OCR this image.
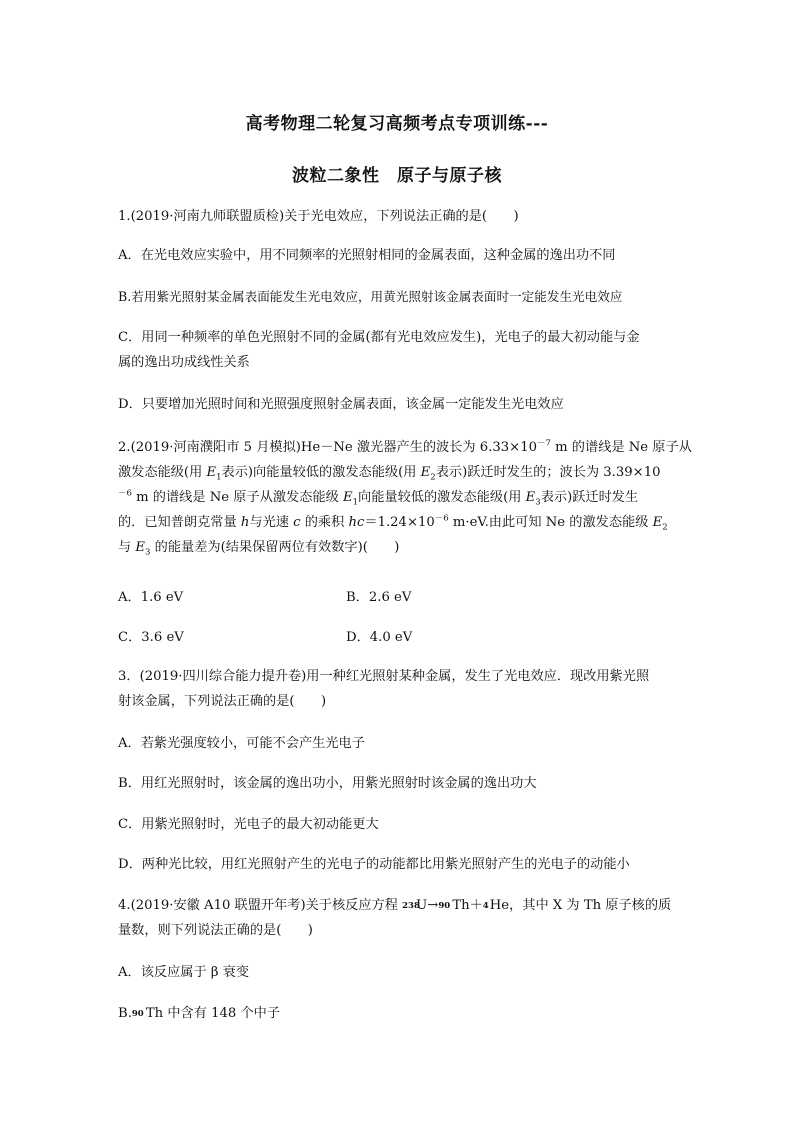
高考物理二轮复习高频考点专项训练---
波粒二象性　原子与原子核
1.(2019·河南九师联盟质检)关于光电效应，下列说法正确的是(　　)
A．在光电效应实验中，用不同频率的光照射相同的金属表面，这种金属的逸出功不同
B.若用紫光照射某金属表面能发生光电效应，用黄光照射该金属表面时一定能发生光电效应
C．用同一种频率的单色光照射不同的金属(都有光电效应发生)，光电子的最大初动能与金
属的逸出功成线性关系
D．只要增加光照时间和光照强度照射金属表面，该金属一定能发生光电效应
2.(2019·河南濮阳市 5 月模拟)He－Ne 激光器产生的波长为 $6.33\times 10^{-7}$ m 的谱线是 Ne 原子从
激发态能级(用 $E_1$表示)向能量较低的激发态能级(用 $E_2$表示)跃迁时发生的；波长为 3.39×10
$^{-6}$ m 的谱线是 Ne 原子从激发态能级 $E_1$向能量较低的激发态能级(用 $E_3$表示)跃迁时发生
的．已知普朗克常量 h与光速 c 的乘积 $hc=1.24\times 10^{-6}$ m·eV.由此可知 Ne 的激发态能级 $E_2$
与 $E_3$ 的能量差为(结果保留两位有效数字)(　　)
A．1.6 eV	B．2.6 eV
C．3.6 eV	D．4.0 eV
3．(2019·四川综合能力提升卷)用一种红光照射某种金属，发生了光电效应．现改用紫光照
射该金属，下列说法正确的是(　　)
A．若紫光强度较小，可能不会产生光电子
B．用红光照射时，该金属的逸出功小，用紫光照射时该金属的逸出功大
C．用紫光照射时，光电子的最大初动能更大
D．两种光比较，用红光照射产生的光电子的动能都比用紫光照射产生的光电子的动能小
4.(2019·安徽 A10 联盟开年考)关于核反应方程 238
U→ 90 Th＋ 4 He，其中 X 为 Th 原子核的质
量数，则下列说法正确的是(　　)
A．该反应属于 β 衰变
B. 90 Th 中含有 148 个中子
